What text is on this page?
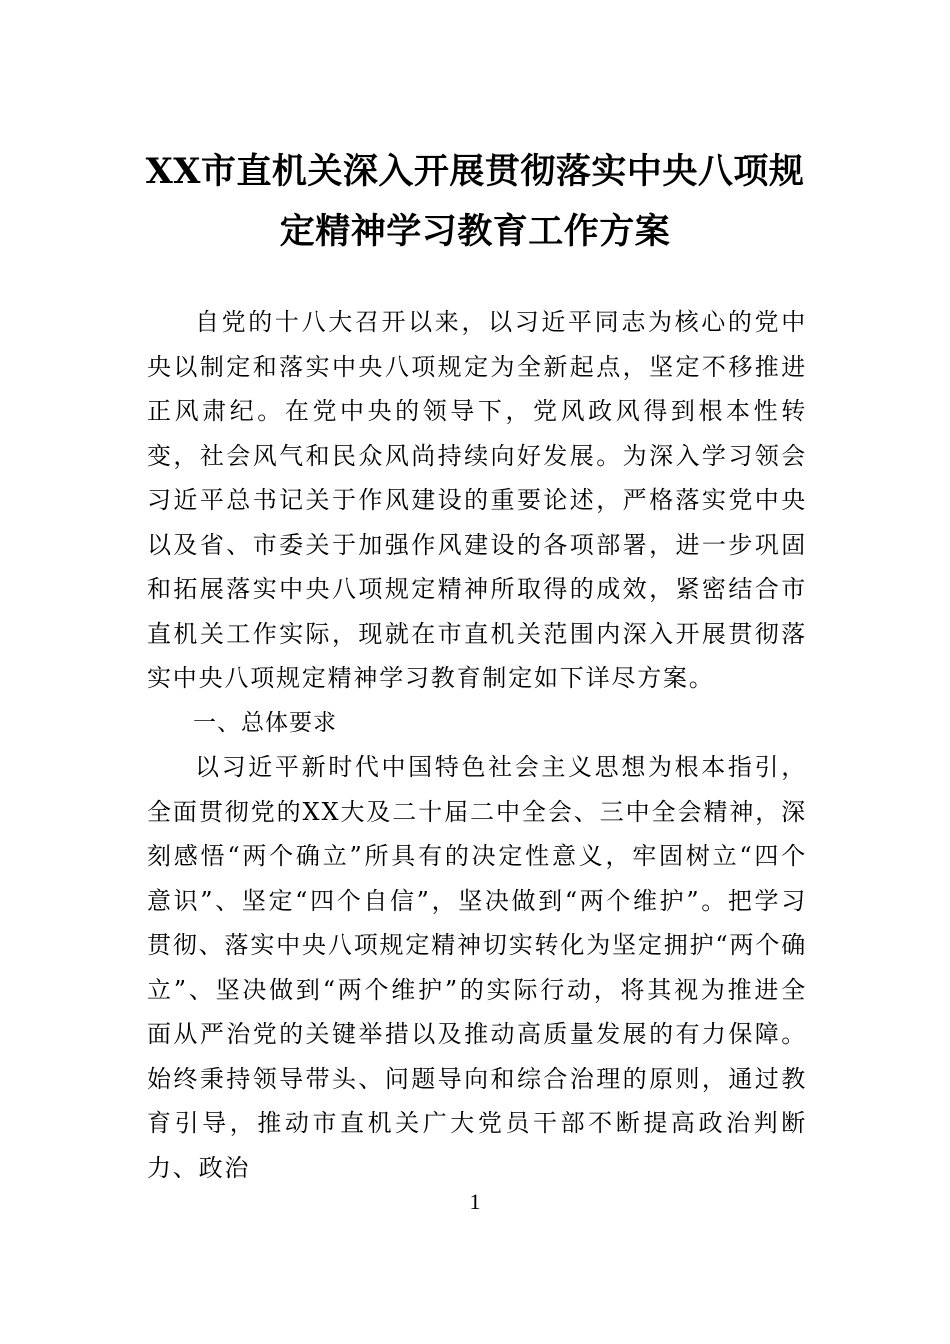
XX市直机关深入开展贯彻落实中央八项规定精神学习教育工作方案

自党的十八大召开以来，以习近平同志为核心的党中央以制定和落实中央八项规定为全新起点，坚定不移推进正风肃纪。在党中央的领导下，党风政风得到根本性转变，社会风气和民众风尚持续向好发展。为深入学习领会习近平总书记关于作风建设的重要论述，严格落实党中央以及省、市委关于加强作风建设的各项部署，进一步巩固和拓展落实中央八项规定精神所取得的成效，紧密结合市直机关工作实际，现就在市直机关范围内深入开展贯彻落实中央八项规定精神学习教育制定如下详尽方案。

一、总体要求

以习近平新时代中国特色社会主义思想为根本指引，全面贯彻党的XX大及二十届二中全会、三中全会精神，深刻感悟“两个确立”所具有的决定性意义，牢固树立“四个意识”、坚定“四个自信”，坚决做到“两个维护”。把学习贯彻、落实中央八项规定精神切实转化为坚定拥护“两个确立”、坚决做到“两个维护”的实际行动，将其视为推进全面从严治党的关键举措以及推动高质量发展的有力保障。始终秉持领导带头、问题导向和综合治理的原则，通过教育引导，推动市直机关广大党员干部不断提高政治判断力、政治

1
